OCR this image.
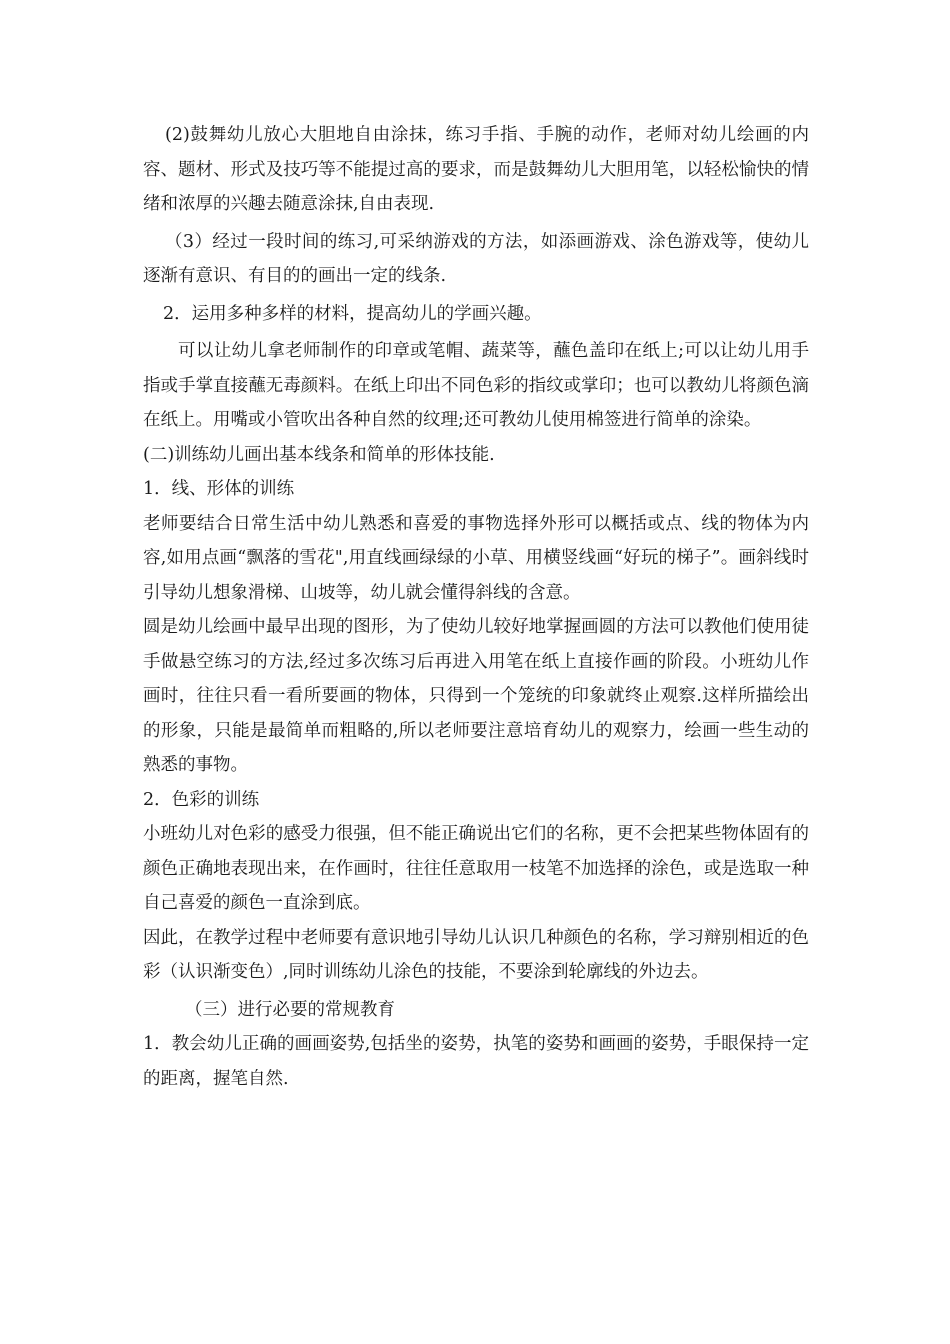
(2)鼓舞幼儿放心大胆地自由涂抹，练习手指、手腕的动作，老师对幼儿绘画的内容、题材、形式及技巧等不能提过高的要求，而是鼓舞幼儿大胆用笔，以轻松愉快的情绪和浓厚的兴趣去随意涂抹,自由表现.

（3）经过一段时间的练习,可采纳游戏的方法，如添画游戏、涂色游戏等，使幼儿逐渐有意识、有目的的画出一定的线条.

2．运用多种多样的材料，提高幼儿的学画兴趣。

可以让幼儿拿老师制作的印章或笔帽、蔬菜等，蘸色盖印在纸上;可以让幼儿用手指或手掌直接蘸无毒颜料。在纸上印出不同色彩的指纹或掌印；也可以教幼儿将颜色滴在纸上。用嘴或小管吹出各种自然的纹理;还可教幼儿使用棉签进行简单的涂染。

(二)训练幼儿画出基本线条和简单的形体技能.

1．线、形体的训练

老师要结合日常生活中幼儿熟悉和喜爱的事物选择外形可以概括或点、线的物体为内容,如用点画“飘落的雪花",用直线画绿绿的小草、用横竖线画“好玩的梯子”。画斜线时引导幼儿想象滑梯、山坡等，幼儿就会懂得斜线的含意。

圆是幼儿绘画中最早出现的图形，为了使幼儿较好地掌握画圆的方法可以教他们使用徒手做悬空练习的方法,经过多次练习后再进入用笔在纸上直接作画的阶段。小班幼儿作画时，往往只看一看所要画的物体，只得到一个笼统的印象就终止观察.这样所描绘出的形象，只能是最简单而粗略的,所以老师要注意培育幼儿的观察力，绘画一些生动的熟悉的事物。

2．色彩的训练

小班幼儿对色彩的感受力很强，但不能正确说出它们的名称，更不会把某些物体固有的颜色正确地表现出来，在作画时，往往任意取用一枝笔不加选择的涂色，或是选取一种自己喜爱的颜色一直涂到底。

因此，在教学过程中老师要有意识地引导幼儿认识几种颜色的名称，学习辩别相近的色彩（认识渐变色）,同时训练幼儿涂色的技能，不要涂到轮廓线的外边去。

（三）进行必要的常规教育

1．教会幼儿正确的画画姿势,包括坐的姿势，执笔的姿势和画画的姿势，手眼保持一定的距离，握笔自然.
